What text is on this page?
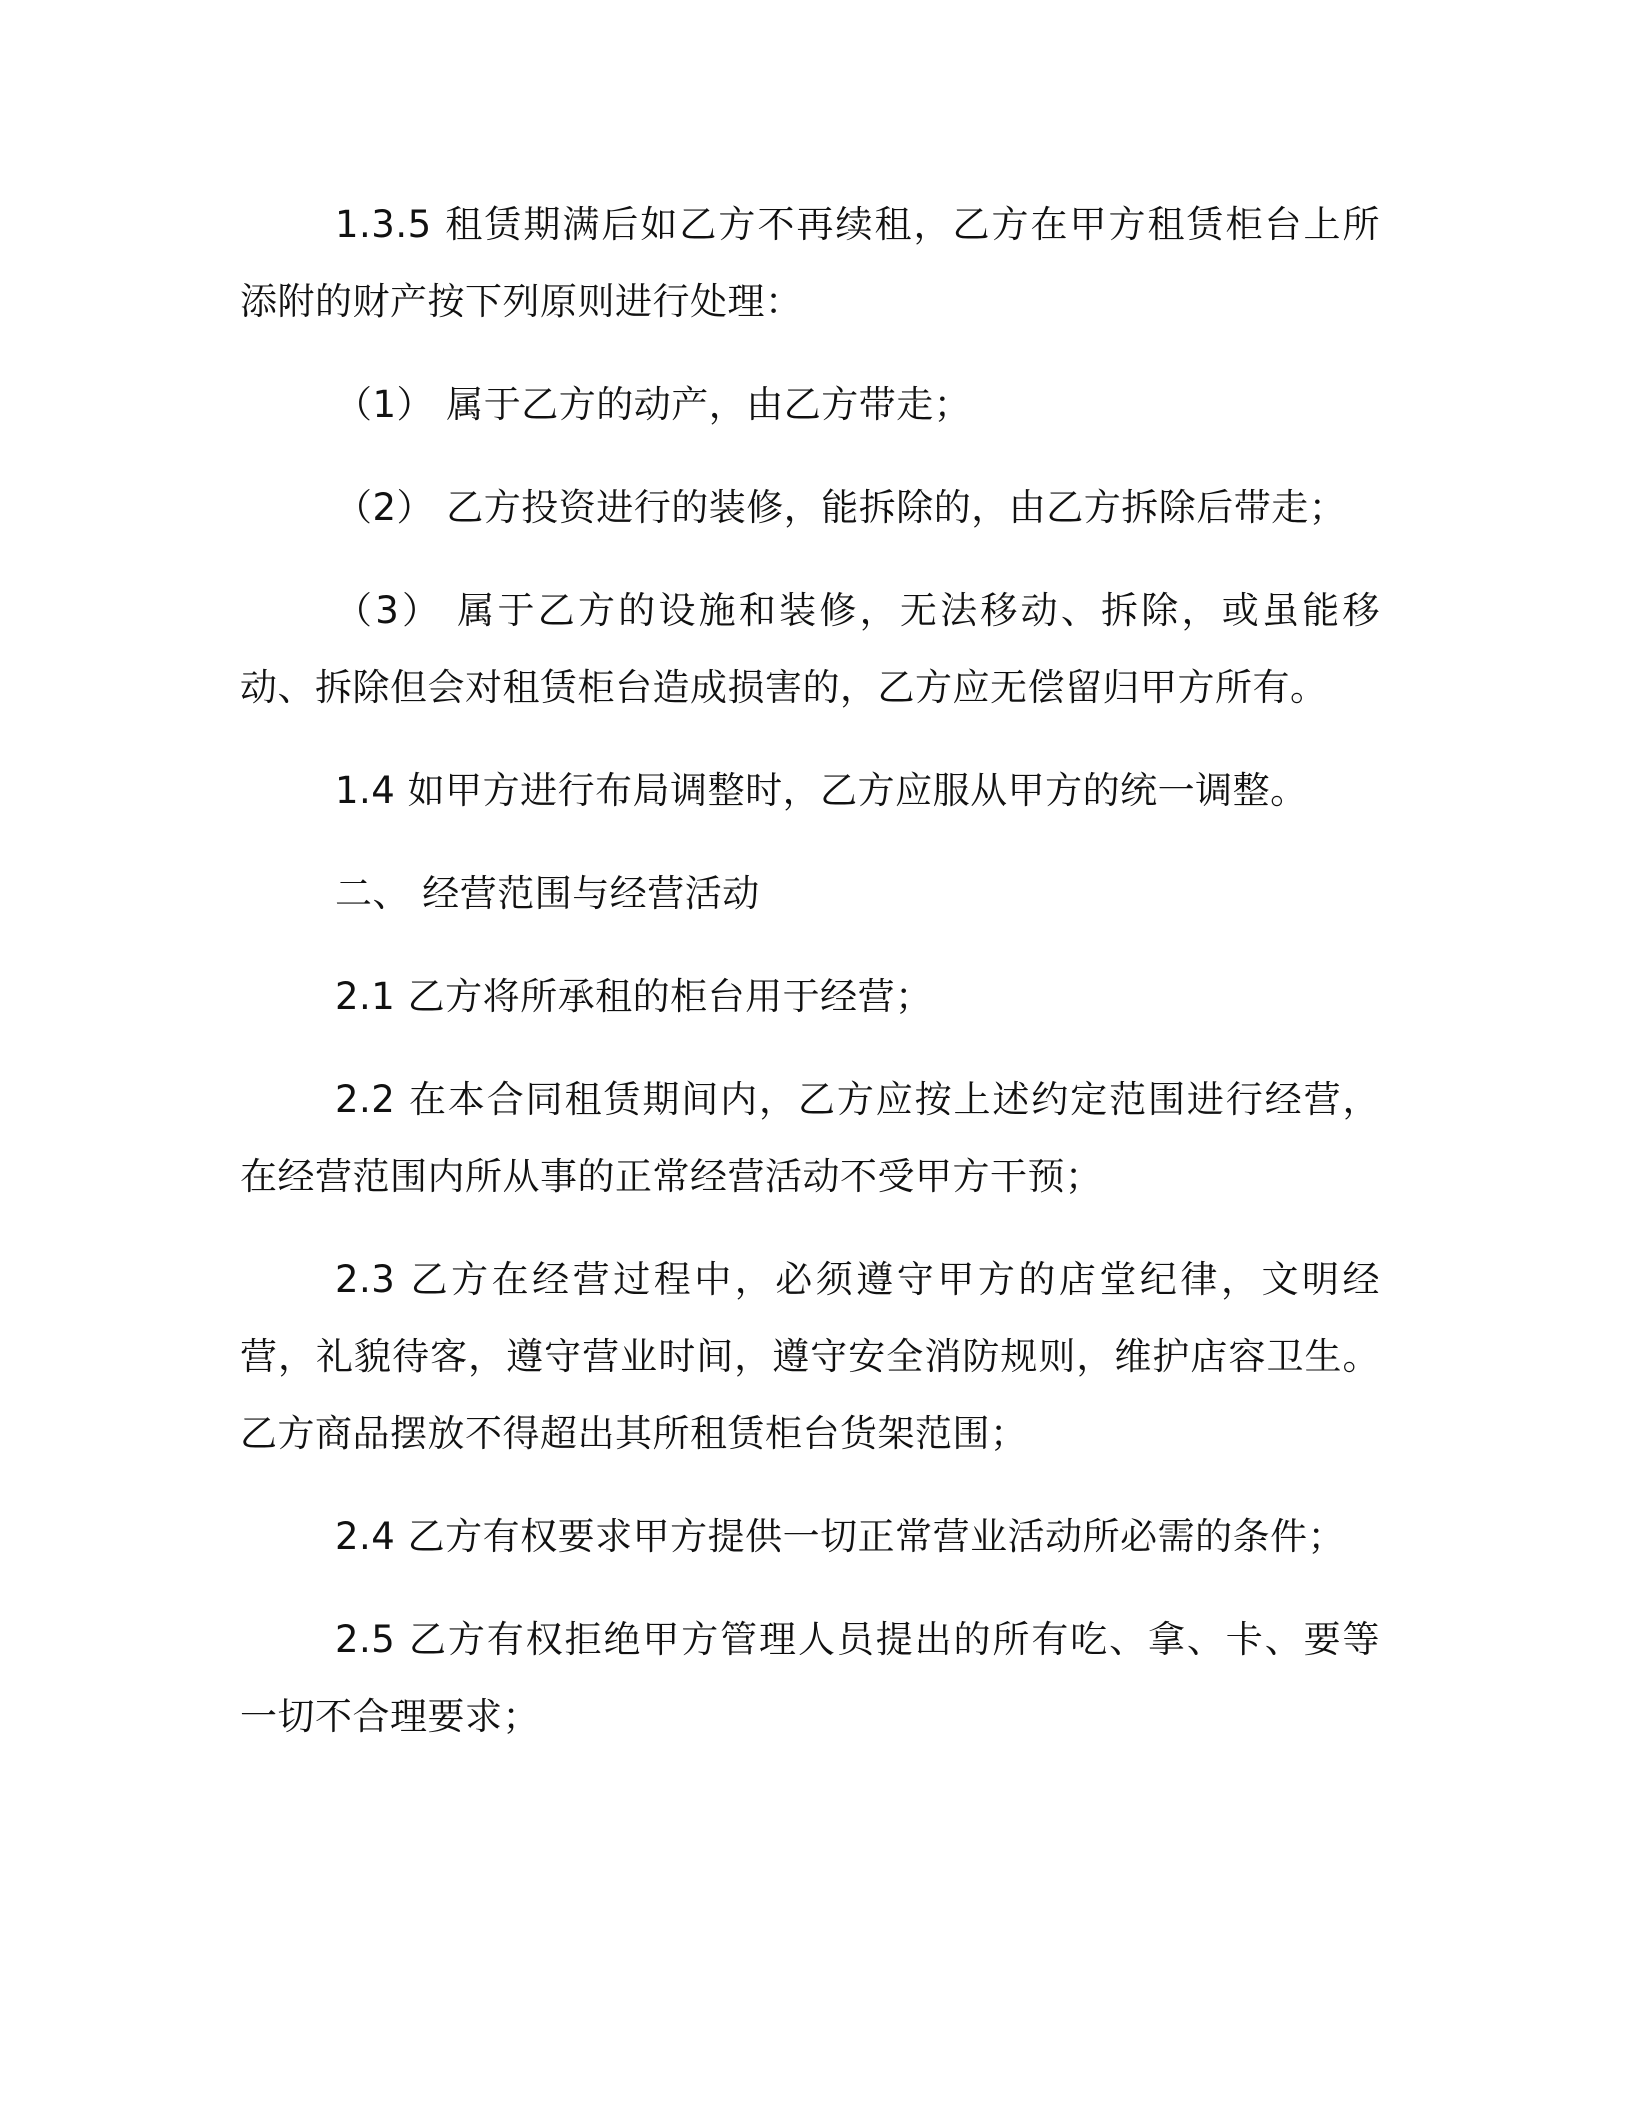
1.3.5 租赁期满后如乙方不再续租，乙方在甲方租赁柜台上所添附的财产按下列原则进行处理：

（1） 属于乙方的动产，由乙方带走；

（2） 乙方投资进行的装修，能拆除的，由乙方拆除后带走；

（3） 属于乙方的设施和装修，无法移动、拆除，或虽能移动、拆除但会对租赁柜台造成损害的，乙方应无偿留归甲方所有。

1.4 如甲方进行布局调整时，乙方应服从甲方的统一调整。

二、 经营范围与经营活动

2.1 乙方将所承租的柜台用于经营；

2.2 在本合同租赁期间内，乙方应按上述约定范围进行经营，在经营范围内所从事的正常经营活动不受甲方干预；

2.3 乙方在经营过程中，必须遵守甲方的店堂纪律，文明经营，礼貌待客，遵守营业时间，遵守安全消防规则，维护店容卫生。乙方商品摆放不得超出其所租赁柜台货架范围；

2.4 乙方有权要求甲方提供一切正常营业活动所必需的条件；

2.5 乙方有权拒绝甲方管理人员提出的所有吃、拿、卡、要等一切不合理要求；
